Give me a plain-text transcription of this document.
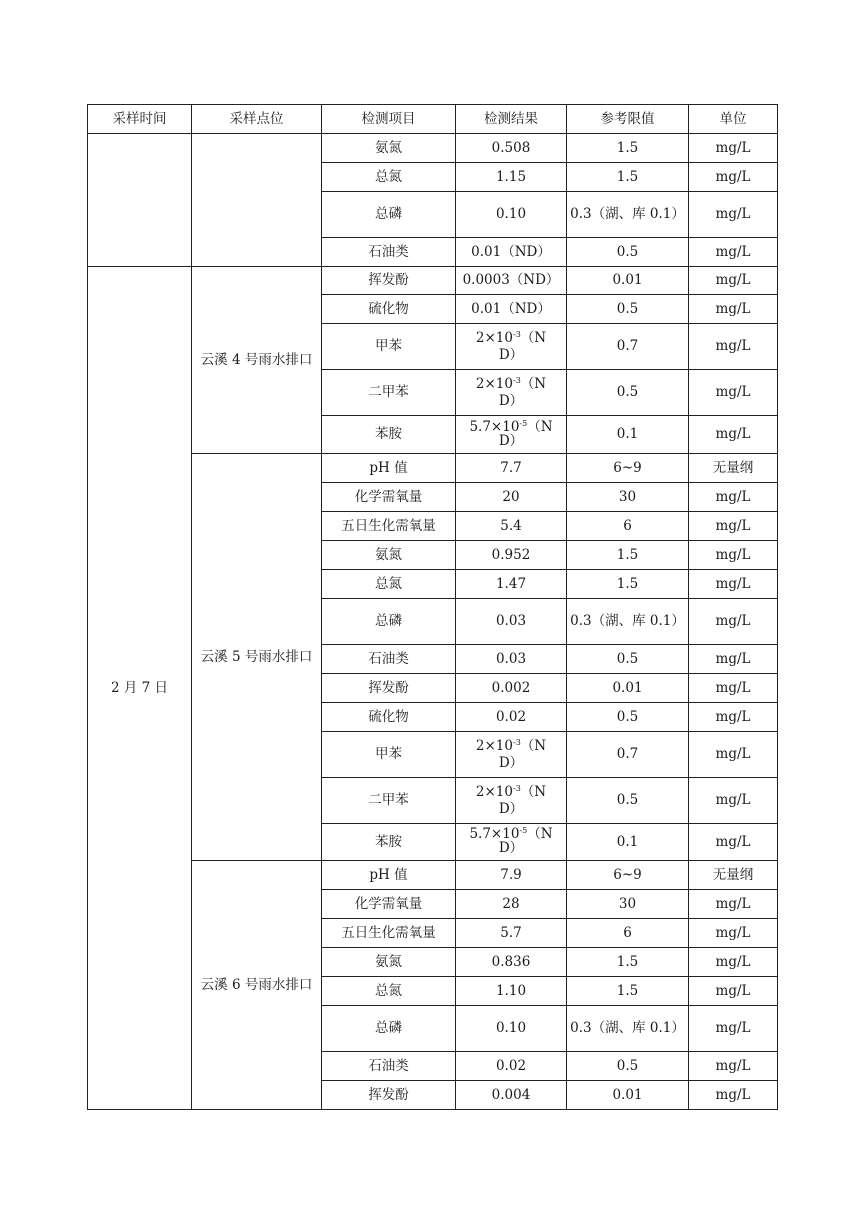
采样时间	采样点位	检测项目	检测结果	参考限值	单位
		氨氮	0.508	1.5	mg/L
		总氮	1.15	1.5	mg/L
		总磷	0.10	0.3（湖、库 0.1）	mg/L
		石油类	0.01（ND）	0.5	mg/L
2 月 7 日	云溪 4 号雨水排口	挥发酚	0.0003（ND）	0.01	mg/L
		硫化物	0.01（ND）	0.5	mg/L
		甲苯	$2\times 10^{-3}(ND)$	0.7	mg/L
		二甲苯	$2\times 10^{-3}(ND)$	0.5	mg/L
		苯胺	$5.7\times 10^{-5}(ND)$	0.1	mg/L
	云溪 5 号雨水排口	pH 值	7.7	6~9	无量纲
		化学需氧量	20	30	mg/L
		五日生化需氧量	5.4	6	mg/L
		氨氮	0.952	1.5	mg/L
		总氮	1.47	1.5	mg/L
		总磷	0.03	0.3（湖、库 0.1）	mg/L
		石油类	0.03	0.5	mg/L
		挥发酚	0.002	0.01	mg/L
		硫化物	0.02	0.5	mg/L
		甲苯	$2\times 10^{-3}(ND)$	0.7	mg/L
		二甲苯	$2\times 10^{-3}(ND)$	0.5	mg/L
		苯胺	$5.7\times 10^{-5}(ND)$	0.1	mg/L
	云溪 6 号雨水排口	pH 值	7.9	6~9	无量纲
		化学需氧量	28	30	mg/L
		五日生化需氧量	5.7	6	mg/L
		氨氮	0.836	1.5	mg/L
		总氮	1.10	1.5	mg/L
		总磷	0.10	0.3（湖、库 0.1）	mg/L
		石油类	0.02	0.5	mg/L
		挥发酚	0.004	0.01	mg/L
